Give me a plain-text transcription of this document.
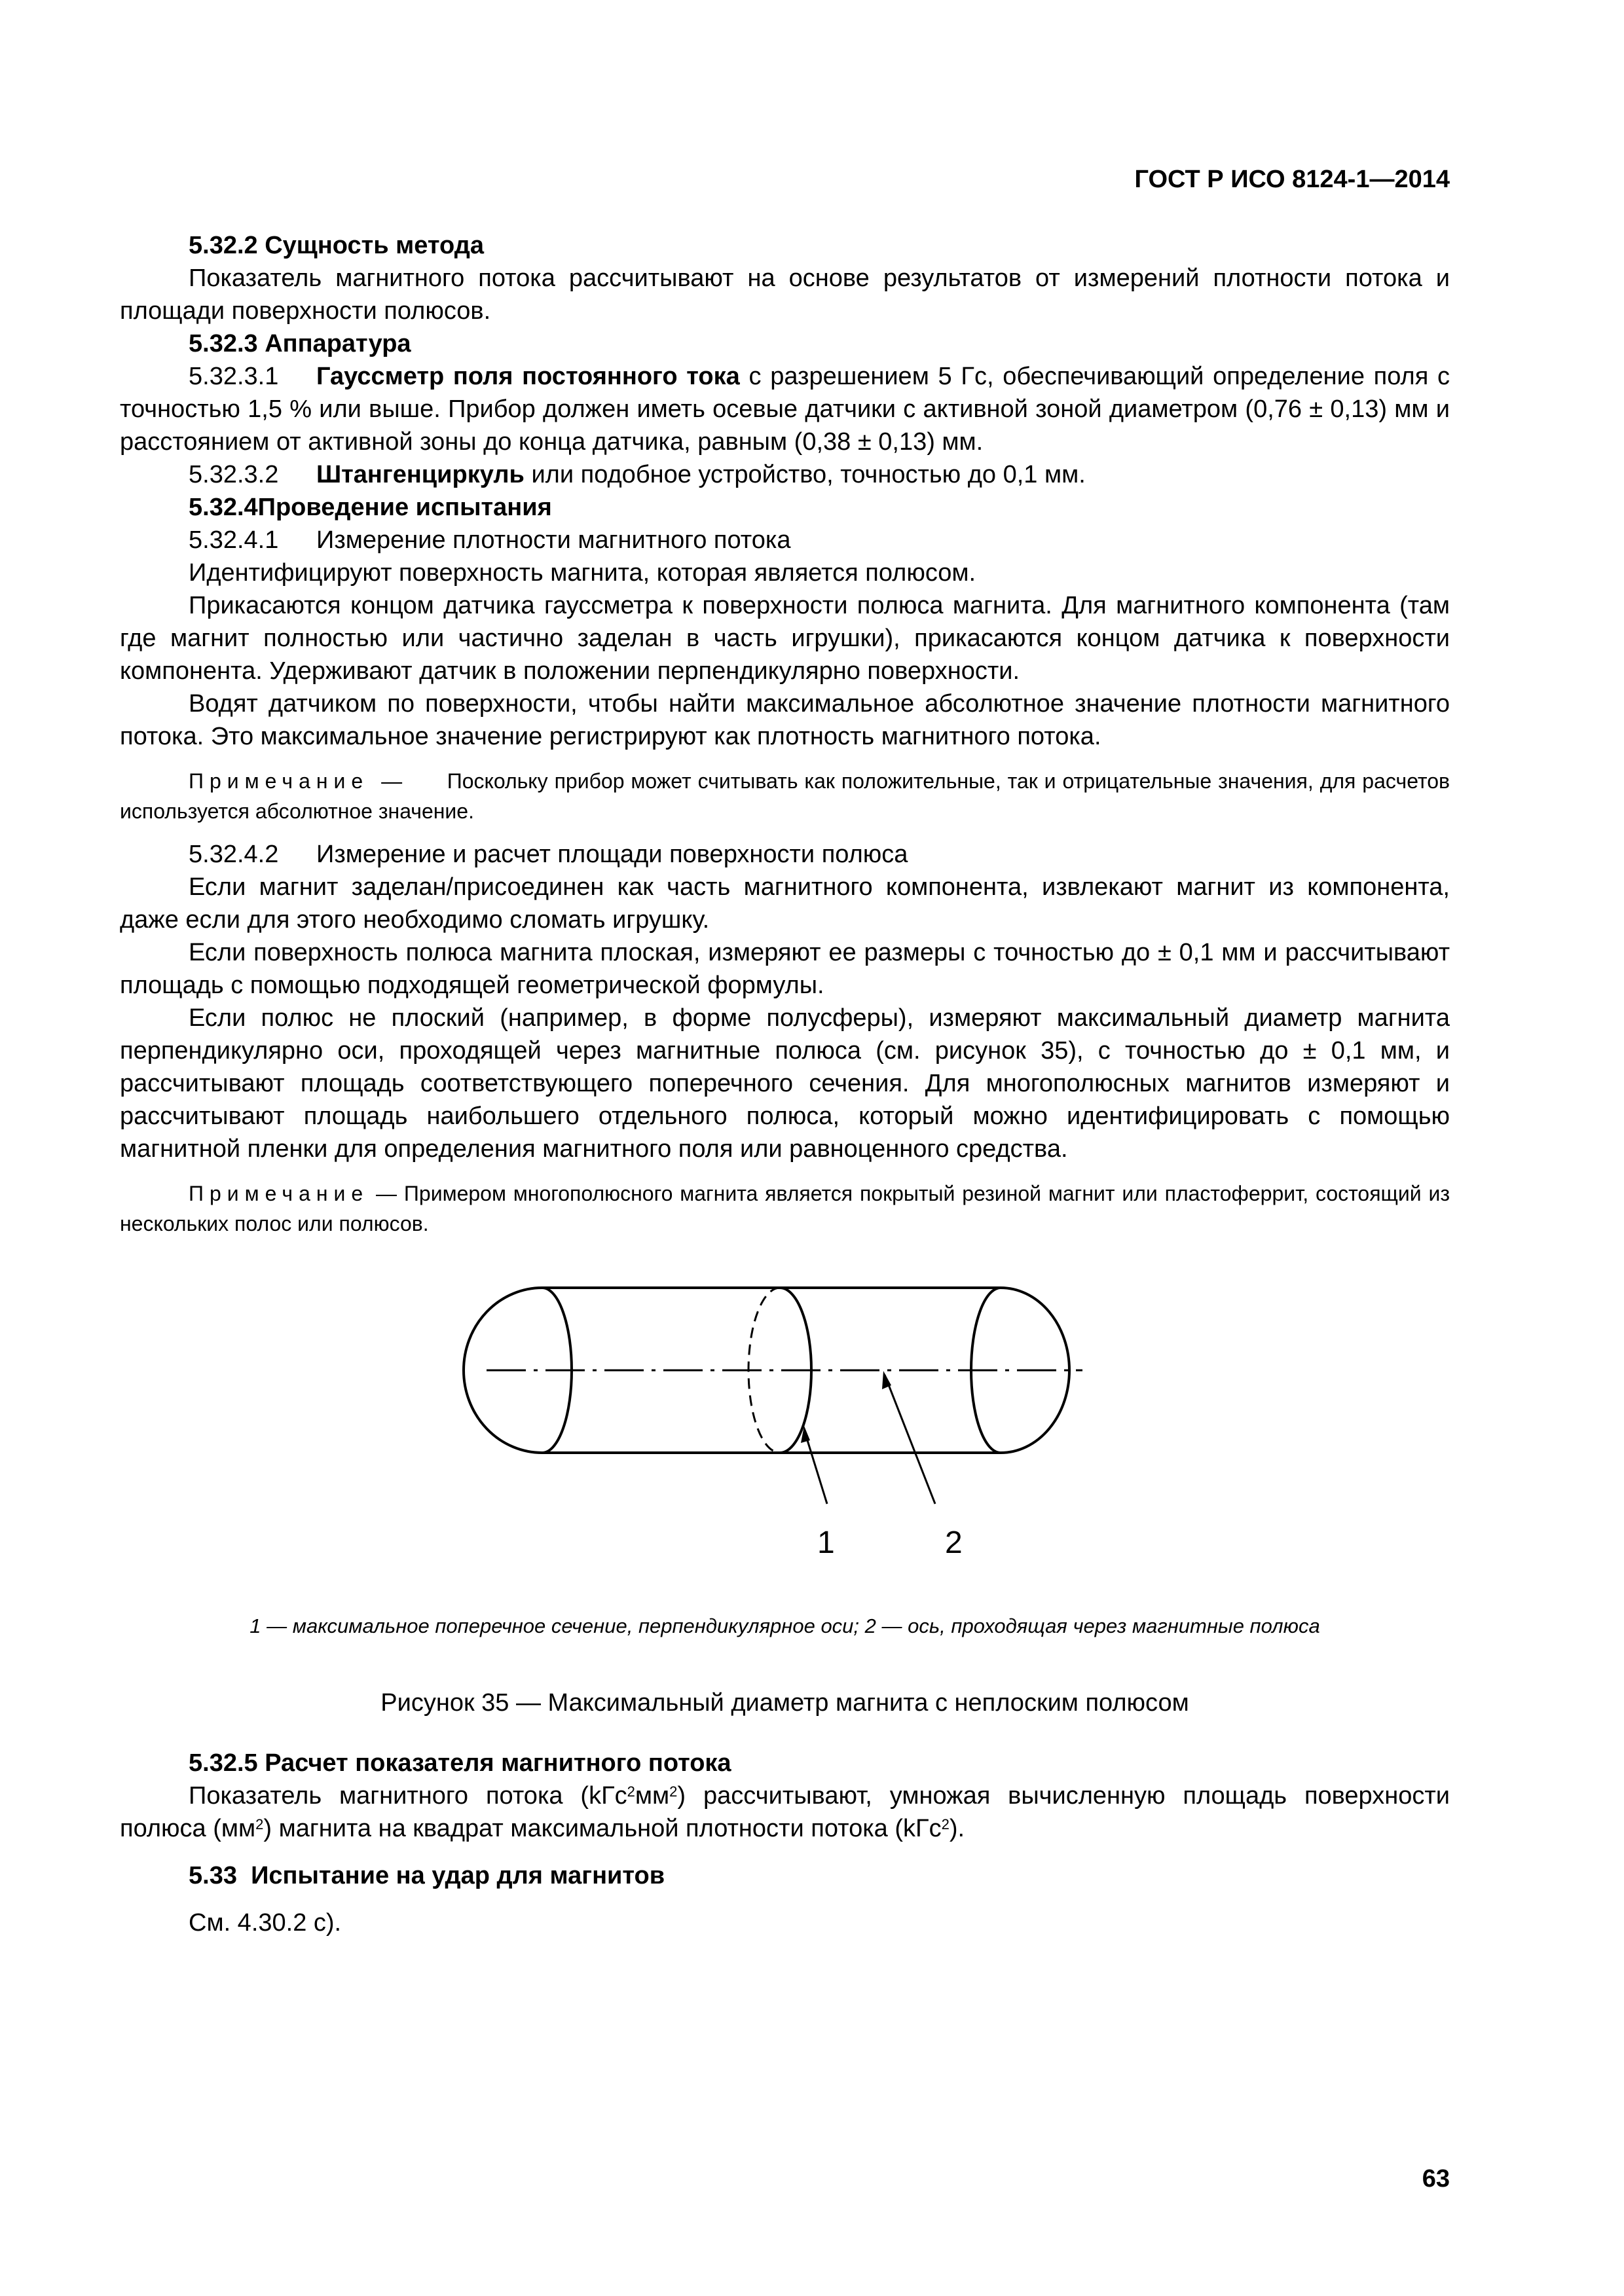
ГОСТ Р ИСО 8124-1—2014

5.32.2 Сущность метода

Показатель магнитного потока рассчитывают на основе результатов от измерений плотности потока и площади поверхности полюсов.

5.32.3 Аппаратура

5.32.3.1 Гауссметр поля постоянного тока с разрешением 5 Гс, обеспечивающий определение поля с точностью 1,5 % или выше. Прибор должен иметь осевые датчики с активной зоной диаметром (0,76 ± 0,13) мм и расстоянием от активной зоны до конца датчика, равным (0,38 ± 0,13) мм.

5.32.3.2 Штангенциркуль или подобное устройство, точностью до 0,1 мм.

5.32.4Проведение испытания

5.32.4.1 Измерение плотности магнитного потока

Идентифицируют поверхность магнита, которая является полюсом.

Прикасаются концом датчика гауссметра к поверхности полюса магнита. Для магнитного компонента (там где магнит полностью или частично заделан в часть игрушки), прикасаются концом датчика к поверхности компонента. Удерживают датчик в положении перпендикулярно поверхности.

Водят датчиком по поверхности, чтобы найти максимальное абсолютное значение плотности магнитного потока. Это максимальное значение регистрируют как плотность магнитного потока.

Примечание — Поскольку прибор может считывать как положительные, так и отрицательные значения, для расчетов используется абсолютное значение.

5.32.4.2 Измерение и расчет площади поверхности полюса

Если магнит заделан/присоединен как часть магнитного компонента, извлекают магнит из компонента, даже если для этого необходимо сломать игрушку.

Если поверхность полюса магнита плоская, измеряют ее размеры с точностью до ± 0,1 мм и рассчитывают площадь с помощью подходящей геометрической формулы.

Если полюс не плоский (например, в форме полусферы), измеряют максимальный диаметр магнита перпендикулярно оси, проходящей через магнитные полюса (см. рисунок 35), с точностью до ± 0,1 мм, и рассчитывают площадь соответствующего поперечного сечения. Для многополюсных магнитов измеряют и рассчитывают площадь наибольшего отдельного полюса, который можно идентифицировать с помощью магнитной пленки для определения магнитного поля или равноценного средства.

Примечание — Примером многополюсного магнита является покрытый резиной магнит или пластоферрит, состоящий из нескольких полос или полюсов.

1	2

1 — максимальное поперечное сечение, перпендикулярное оси; 2 — ось, проходящая через магнитные полюса

Рисунок 35 — Максимальный диаметр магнита с неплоским полюсом

5.32.5 Расчет показателя магнитного потока

Показатель магнитного потока $(kГс^2мм^2)$ рассчитывают, умножая вычисленную площадь поверхности полюса $(мм^2)$ магнита на квадрат максимальной плотности потока (kГс$^2$).

5.33  Испытание на удар для магнитов

См. 4.30.2 с).

63
